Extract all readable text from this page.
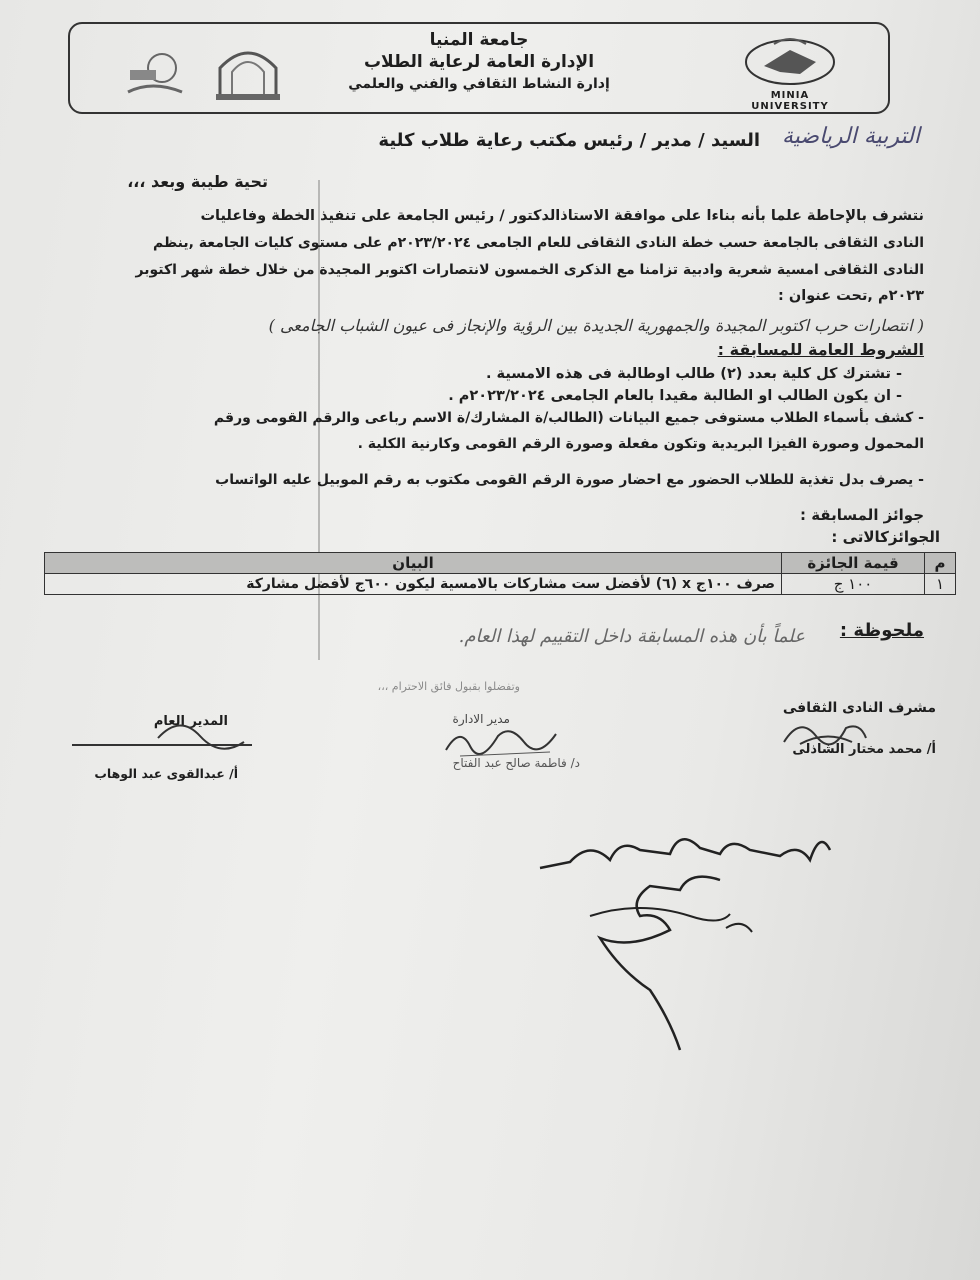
جامعة المنيا
الإدارة العامة لرعاية الطلاب
إدارة النشاط الثقافي والفني والعلمي
MINIA UNIVERSITY
السيد / مدير / رئيس مكتب رعاية طلاب كلية التربية الرياضية
تحية طيبة وبعد ،،،
نتشرف بالإحاطة علما بأنه بناءا على موافقة الاستاذالدكتور / رئيس الجامعة على تنفيذ الخطة وفاعليات
النادى الثقافى بالجامعة حسب خطة النادى الثقافى للعام الجامعى ٢٠٢٣/٢٠٢٤م على مستوى كليات الجامعة ,ينظم
النادى الثقافى امسية شعرية وادبية تزامنا مع الذكرى الخمسون لانتصارات اكتوبر المجيدة من خلال خطة شهر اكتوبر
٢٠٢٣م ,تحت عنوان :
( انتصارات حرب اكتوبر المجيدة والجمهورية الجديدة بين الرؤية والإنجاز فى عيون الشباب الجامعى )
الشروط العامة للمسابقة :
- تشترك كل كلية بعدد (٢) طالب اوطالبة فى هذه الامسية .
- ان يكون الطالب او الطالبة مقيدا بالعام الجامعى ٢٠٢٣/٢٠٢٤م .
- كشف بأسماء الطلاب مستوفى جميع البيانات (الطالب/ة المشارك/ة الاسم رباعى والرقم القومى ورقم
المحمول وصورة الفيزا البريدية وتكون مفعلة وصورة الرقم القومى وكارنية الكلية .
- يصرف بدل تغذية للطلاب الحضور مع احضار صورة الرقم القومى مكتوب به رقم الموبيل عليه الواتساب
جوائز المسابقة :
الجوائزكالاتى :
م	قيمة الجائزة	البيان
١	١٠٠ ج	صرف ١٠٠ج x (٦) لأفضل ست مشاركات بالامسية ليكون ٦٠٠ج لأفضل مشاركة
ملحوظة :
علماً بأن هذه المسابقة داخل التقييم لهذا العام.
وتفضلوا بقبول فائق الاحترام ،،،
مشرف النادى الثقافى
أ/ محمد مختار الشاذلى
مدير الادارة
د/ فاطمة صالح عبد الفتاح
المدير العام
أ/ عبدالقوى عبد الوهاب
